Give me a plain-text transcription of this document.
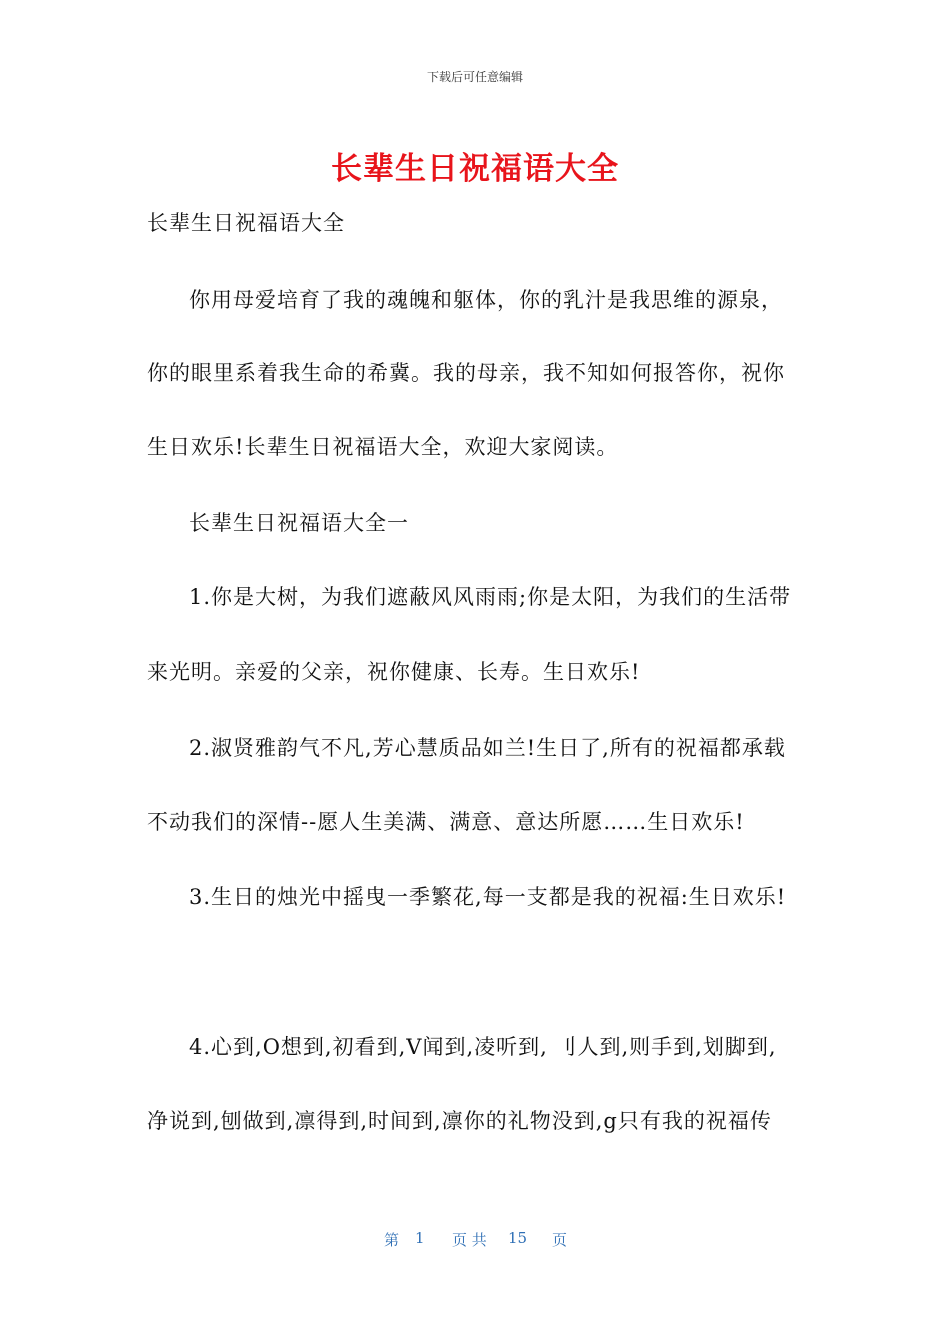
下载后可任意编辑
长辈生日祝福语大全
长辈生日祝福语大全
你用母爱培育了我的魂魄和躯体，你的乳汁是我思维的源泉，
你的眼里系着我生命的希冀。我的母亲，我不知如何报答你，祝你
生日欢乐!长辈生日祝福语大全，欢迎大家阅读。
长辈生日祝福语大全一
1.你是大树，为我们遮蔽风风雨雨;你是太阳，为我们的生活带
来光明。亲爱的父亲，祝你健康、长寿。生日欢乐!
2.淑贤雅韵气不凡,芳心慧质品如兰!生日了,所有的祝福都承载
不动我们的深情--愿人生美满、满意、意达所愿……生日欢乐!
3.生日的烛光中摇曳一季繁花,每一支都是我的祝福:生日欢乐!
4.心到,O想到,初看到,V闻到,凌听到, 刂人到,则手到,划脚到,
净说到,刨做到,凛得到,时间到,凛你的礼物没到,g只有我的祝福传
第 1 页 共 15 页
